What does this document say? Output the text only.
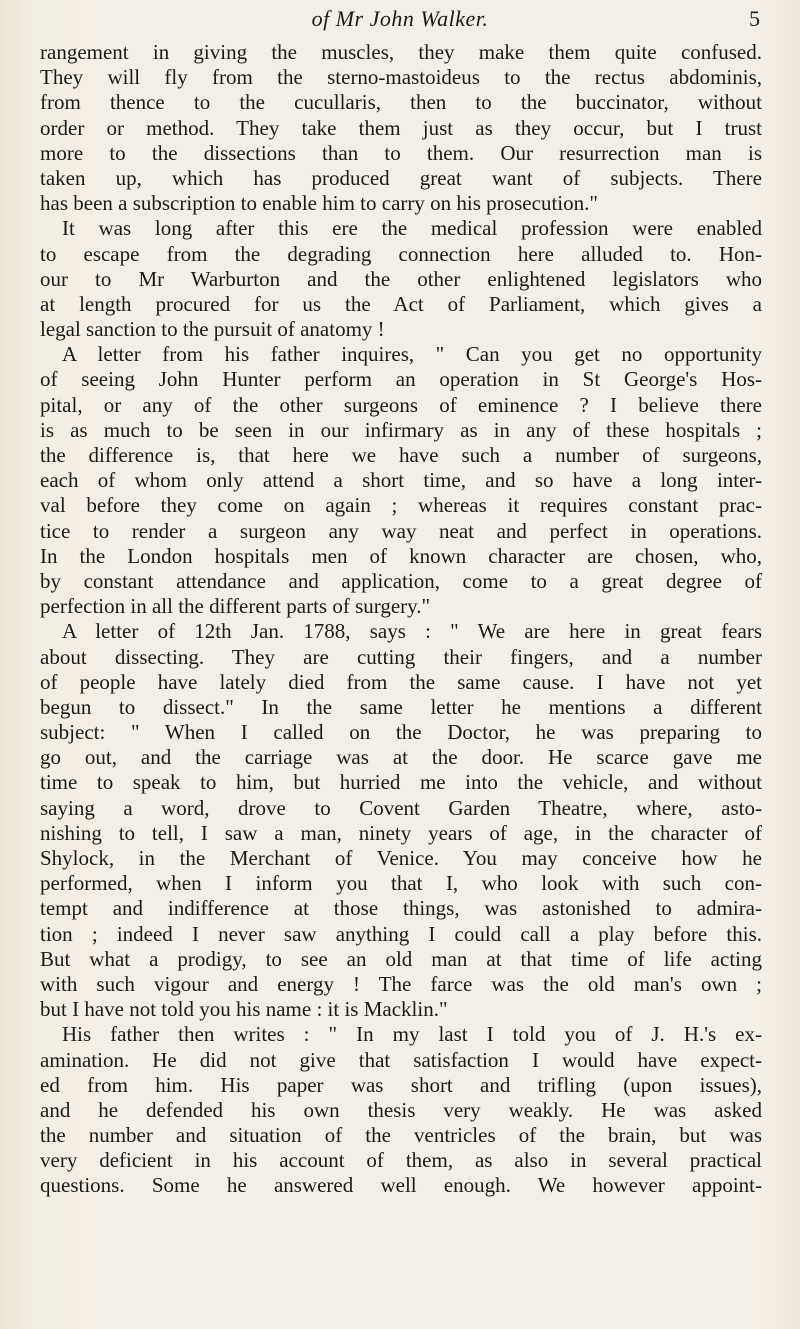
of Mr John Walker.	5
rangement in giving the muscles, they make them quite confused.
They will fly from the sterno-mastoideus to the rectus abdominis,
from thence to the cucullaris, then to the buccinator, without
order or method. They take them just as they occur, but I trust
more to the dissections than to them. Our resurrection man is
taken up, which has produced great want of subjects. There
has been a subscription to enable him to carry on his prosecution."
It was long after this ere the medical profession were enabled
to escape from the degrading connection here alluded to. Hon-
our to Mr Warburton and the other enlightened legislators who
at length procured for us the Act of Parliament, which gives a
legal sanction to the pursuit of anatomy !
A letter from his father inquires, " Can you get no opportunity
of seeing John Hunter perform an operation in St George's Hos-
pital, or any of the other surgeons of eminence ? I believe there
is as much to be seen in our infirmary as in any of these hospitals ;
the difference is, that here we have such a number of surgeons,
each of whom only attend a short time, and so have a long inter-
val before they come on again ; whereas it requires constant prac-
tice to render a surgeon any way neat and perfect in operations.
In the London hospitals men of known character are chosen, who,
by constant attendance and application, come to a great degree of
perfection in all the different parts of surgery."
A letter of 12th Jan. 1788, says : " We are here in great fears
about dissecting. They are cutting their fingers, and a number
of people have lately died from the same cause. I have not yet
begun to dissect." In the same letter he mentions a different
subject: " When I called on the Doctor, he was preparing to
go out, and the carriage was at the door. He scarce gave me
time to speak to him, but hurried me into the vehicle, and without
saying a word, drove to Covent Garden Theatre, where, asto-
nishing to tell, I saw a man, ninety years of age, in the character of
Shylock, in the Merchant of Venice. You may conceive how he
performed, when I inform you that I, who look with such con-
tempt and indifference at those things, was astonished to admira-
tion ; indeed I never saw anything I could call a play before this.
But what a prodigy, to see an old man at that time of life acting
with such vigour and energy ! The farce was the old man's own ;
but I have not told you his name : it is Macklin."
His father then writes : " In my last I told you of J. H.'s ex-
amination. He did not give that satisfaction I would have expect-
ed from him. His paper was short and trifling (upon issues),
and he defended his own thesis very weakly. He was asked
the number and situation of the ventricles of the brain, but was
very deficient in his account of them, as also in several practical
questions. Some he answered well enough. We however appoint-
